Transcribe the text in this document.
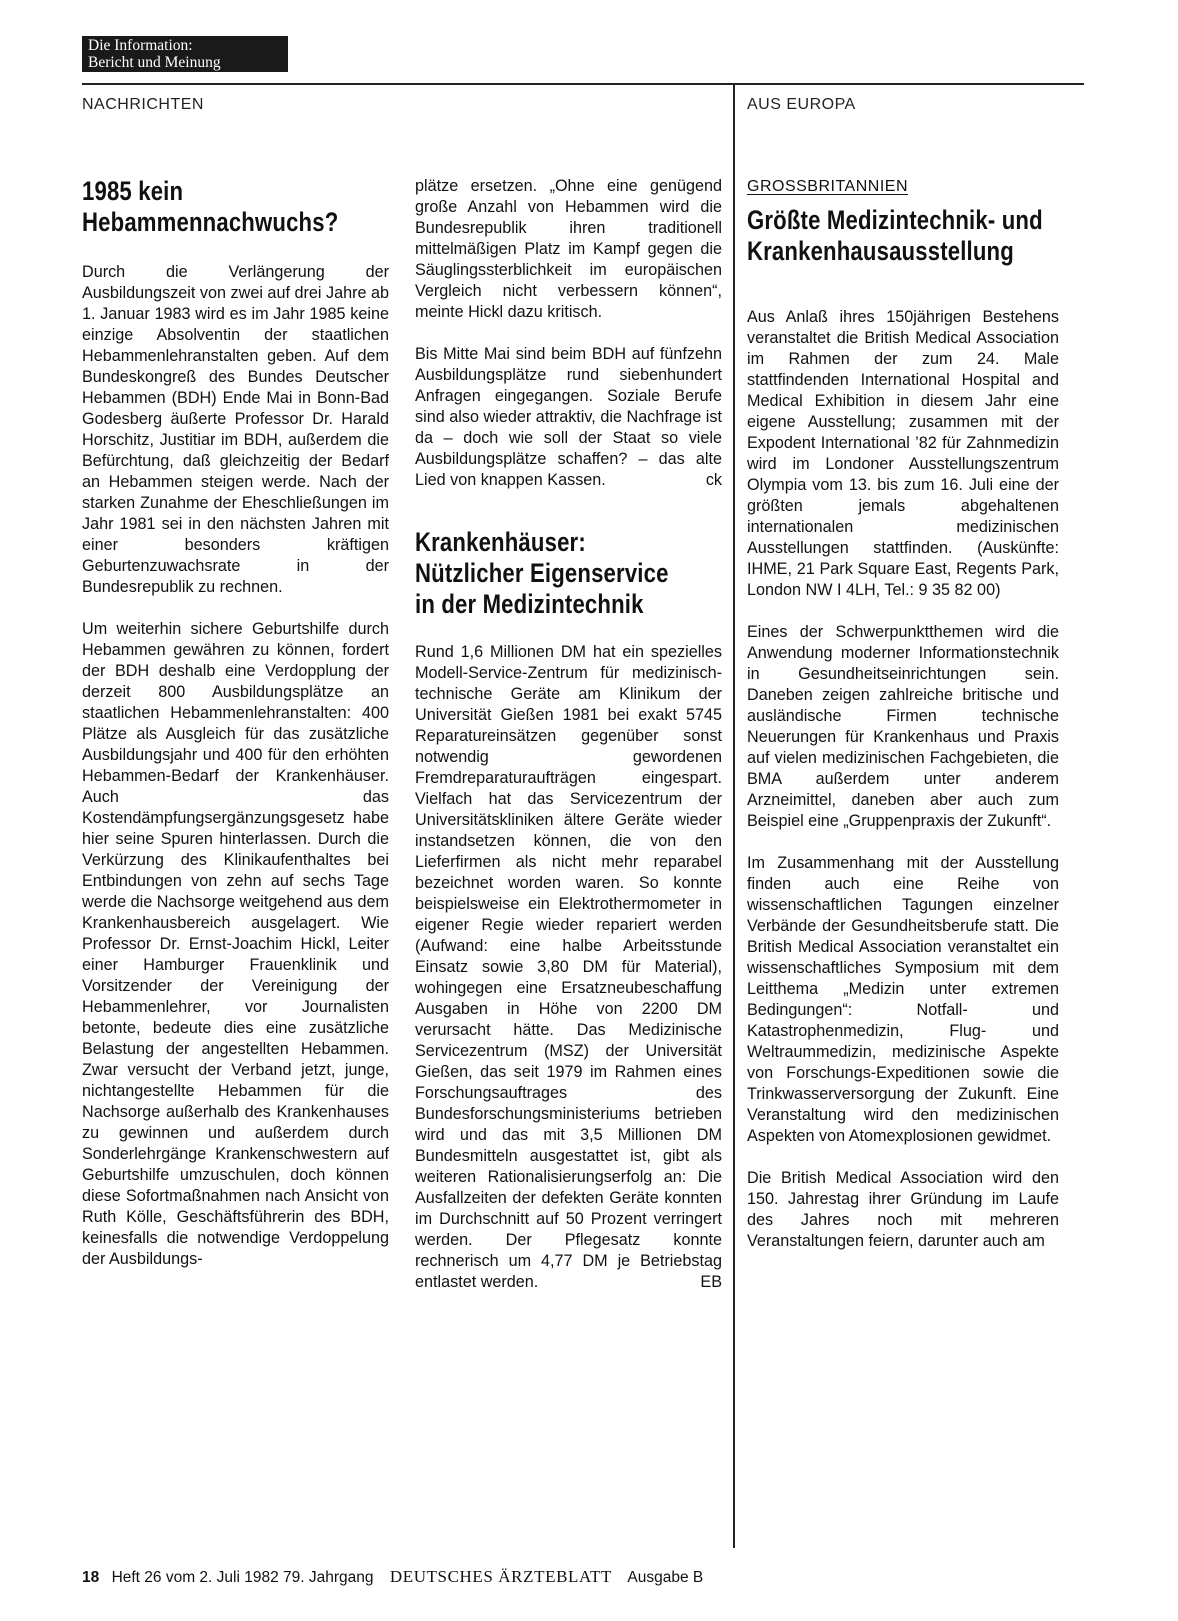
Die Information:
Bericht und Meinung
NACHRICHTEN	AUS EUROPA
1985 kein
Hebammennachwuchs?

Durch die Verlängerung der Ausbildungszeit von zwei auf drei Jahre ab 1. Januar 1983 wird es im Jahr 1985 keine einzige Absolventin der staatlichen Hebammenlehranstalten geben. Auf dem Bundeskongreß des Bundes Deutscher Hebammen (BDH) Ende Mai in Bonn-Bad Godesberg äußerte Professor Dr. Harald Horschitz, Justitiar im BDH, außerdem die Befürchtung, daß gleichzeitig der Bedarf an Hebammen steigen werde. Nach der starken Zunahme der Eheschließungen im Jahr 1981 sei in den nächsten Jahren mit einer besonders kräftigen Geburtenzuwachsrate in der Bundesrepublik zu rechnen.

Um weiterhin sichere Geburtshilfe durch Hebammen gewähren zu können, fordert der BDH deshalb eine Verdopplung der derzeit 800 Ausbildungsplätze an staatlichen Hebammenlehranstalten: 400 Plätze als Ausgleich für das zusätzliche Ausbildungsjahr und 400 für den erhöhten Hebammen-Bedarf der Krankenhäuser. Auch das Kostendämpfungsergänzungsgesetz habe hier seine Spuren hinterlassen. Durch die Verkürzung des Klinikaufenthaltes bei Entbindungen von zehn auf sechs Tage werde die Nachsorge weitgehend aus dem Krankenhausbereich ausgelagert. Wie Professor Dr. Ernst-Joachim Hickl, Leiter einer Hamburger Frauenklinik und Vorsitzender der Vereinigung der Hebammenlehrer, vor Journalisten betonte, bedeute dies eine zusätzliche Belastung der angestellten Hebammen. Zwar versucht der Verband jetzt, junge, nichtangestellte Hebammen für die Nachsorge außerhalb des Krankenhauses zu gewinnen und außerdem durch Sonderlehrgänge Krankenschwestern auf Geburtshilfe umzuschulen, doch können diese Sofortmaßnahmen nach Ansicht von Ruth Kölle, Geschäftsführerin des BDH, keinesfalls die notwendige Verdoppelung der Ausbildungs-

plätze ersetzen. „Ohne eine genügend große Anzahl von Hebammen wird die Bundesrepublik ihren traditionell mittelmäßigen Platz im Kampf gegen die Säuglingssterblichkeit im europäischen Vergleich nicht verbessern können“, meinte Hickl dazu kritisch.

Bis Mitte Mai sind beim BDH auf fünfzehn Ausbildungsplätze rund siebenhundert Anfragen eingegangen. Soziale Berufe sind also wieder attraktiv, die Nachfrage ist da – doch wie soll der Staat so viele Ausbildungsplätze schaffen? – das alte Lied von knappen Kassen.	ck

Krankenhäuser:
Nützlicher Eigenservice
in der Medizintechnik

Rund 1,6 Millionen DM hat ein spezielles Modell-Service-Zentrum für medizinisch-technische Geräte am Klinikum der Universität Gießen 1981 bei exakt 5745 Reparatureinsätzen gegenüber sonst notwendig gewordenen Fremdreparaturaufträgen eingespart. Vielfach hat das Servicezentrum der Universitätskliniken ältere Geräte wieder instandsetzen können, die von den Lieferfirmen als nicht mehr reparabel bezeichnet worden waren. So konnte beispielsweise ein Elektrothermometer in eigener Regie wieder repariert werden (Aufwand: eine halbe Arbeitsstunde Einsatz sowie 3,80 DM für Material), wohingegen eine Ersatzneubeschaffung Ausgaben in Höhe von 2200 DM verursacht hätte. Das Medizinische Servicezentrum (MSZ) der Universität Gießen, das seit 1979 im Rahmen eines Forschungsauftrages des Bundesforschungsministeriums betrieben wird und das mit 3,5 Millionen DM Bundesmitteln ausgestattet ist, gibt als weiteren Rationalisierungserfolg an: Die Ausfallzeiten der defekten Geräte konnten im Durchschnitt auf 50 Prozent verringert werden. Der Pflegesatz konnte rechnerisch um 4,77 DM je Betriebstag entlastet werden.	EB

GROSSBRITANNIEN
Größte Medizintechnik- und
Krankenhausausstellung

Aus Anlaß ihres 150jährigen Bestehens veranstaltet die British Medical Association im Rahmen der zum 24. Male stattfindenden International Hospital and Medical Exhibition in diesem Jahr eine eigene Ausstellung; zusammen mit der Expodent International ’82 für Zahnmedizin wird im Londoner Ausstellungszentrum Olympia vom 13. bis zum 16. Juli eine der größten jemals abgehaltenen internationalen medizinischen Ausstellungen stattfinden. (Auskünfte: IHME, 21 Park Square East, Regents Park, London NW I 4LH, Tel.: 9 35 82 00)

Eines der Schwerpunktthemen wird die Anwendung moderner Informationstechnik in Gesundheitseinrichtungen sein. Daneben zeigen zahlreiche britische und ausländische Firmen technische Neuerungen für Krankenhaus und Praxis auf vielen medizinischen Fachgebieten, die BMA außerdem unter anderem Arzneimittel, daneben aber auch zum Beispiel eine „Gruppenpraxis der Zukunft“.

Im Zusammenhang mit der Ausstellung finden auch eine Reihe von wissenschaftlichen Tagungen einzelner Verbände der Gesundheitsberufe statt. Die British Medical Association veranstaltet ein wissenschaftliches Symposium mit dem Leitthema „Medizin unter extremen Bedingungen“: Notfall- und Katastrophenmedizin, Flug- und Weltraummedizin, medizinische Aspekte von Forschungs-Expeditionen sowie die Trinkwasserversorgung der Zukunft. Eine Veranstaltung wird den medizinischen Aspekten von Atomexplosionen gewidmet.

Die British Medical Association wird den 150. Jahrestag ihrer Gründung im Laufe des Jahres noch mit mehreren Veranstaltungen feiern, darunter auch am

18 Heft 26 vom 2. Juli 1982 79. Jahrgang DEUTSCHES ÄRZTEBLATT Ausgabe B
